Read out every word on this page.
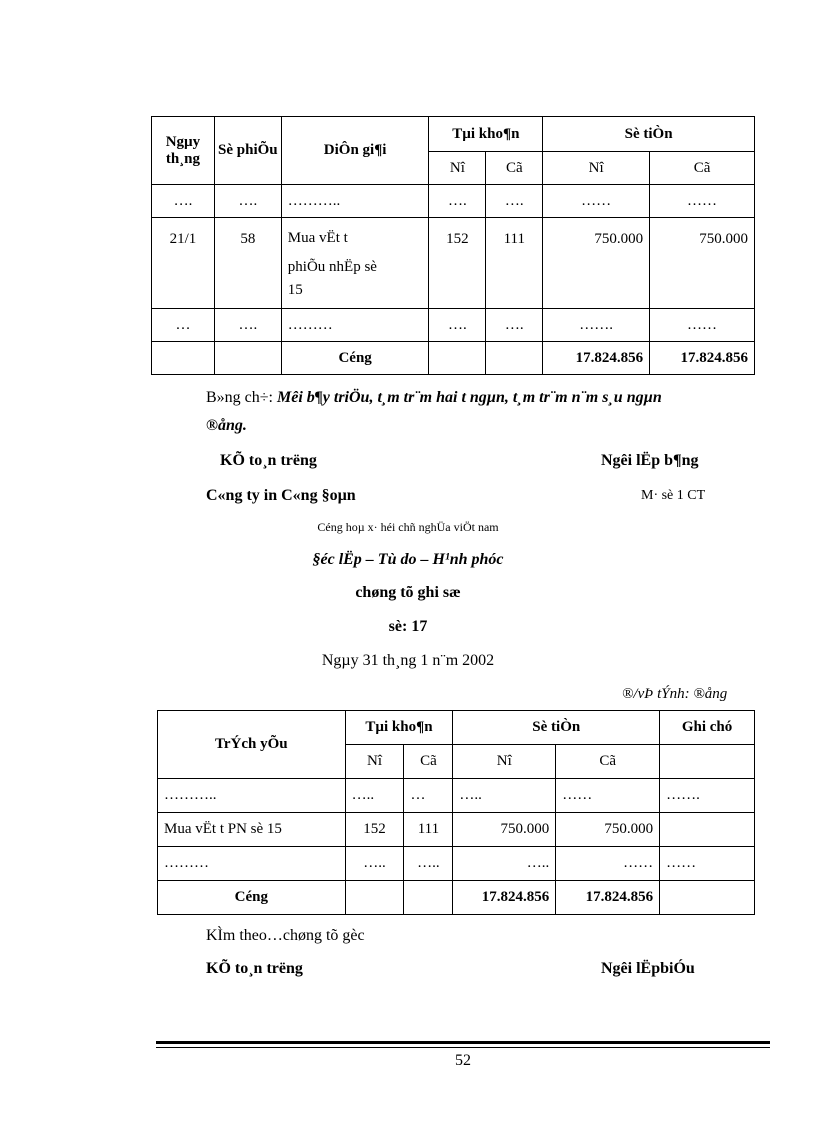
Ngµy th¸ng	Sè phiÕu	DiÔn gi¶i	Tµi kho¶n		Sè tiÒn	
			Nî	Cã	Nî	Cã
….	….	………..	….	….	……	……
21/1	58	Mua vËt t
phiÕu nhËp sè
15	152	111	750.000	750.000
…	….	………	….	….	…….	……
		Céng			17.824.856	17.824.856
B»ng ch÷: Mêi b¶y triÖu, t¸m tr¨m hai t ngµn, t¸m tr¨m n¨m s¸u ngµn
®ång.
KÕ to¸n trëng	Ngêi lËp b¶ng
C«ng ty in C«ng §oµn	M· sè 1 CT
Céng hoµ x· héi chñ nghÜa viÖt nam
§éc lËp – Tù do – H¹nh phóc
chøng tõ ghi sæ
sè: 17
Ngµy 31 th¸ng 1 n¨m 2002
®/vÞ tÝnh: ®ång
TrÝch yÕu	Tµi kho¶n		Sè tiÒn		Ghi chó
	Nî	Cã	Nî	Cã	
………..	…..	…	…..	……	…….
Mua vËt t PN sè 15	152	111	750.000	750.000	
………	…..	…..	…..	……	……
Céng			17.824.856	17.824.856	
KÌm theo…chøng tõ gèc
KÕ to¸n trëng	Ngêi lËpbiÓu
52
